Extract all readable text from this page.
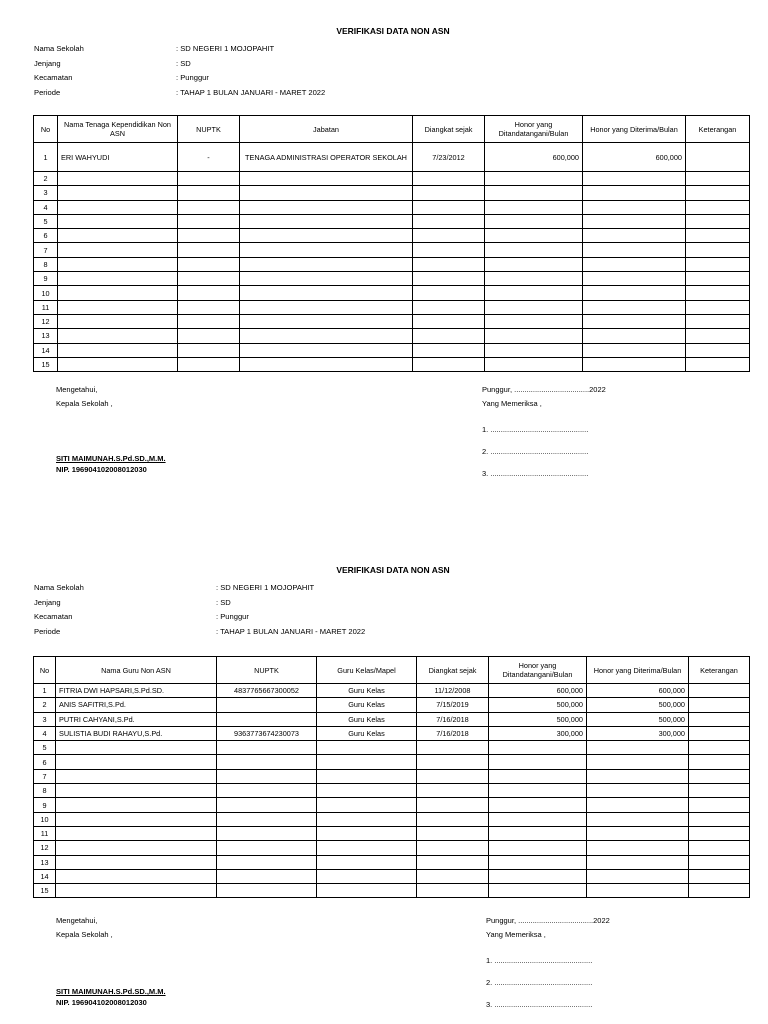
VERIFIKASI DATA NON ASN
Nama Sekolah	: SD NEGERI 1 MOJOPAHIT
Jenjang	: SD
Kecamatan	: Punggur
Periode	: TAHAP 1 BULAN JANUARI - MARET 2022
No	Nama Tenaga Kependidikan Non ASN	NUPTK	Jabatan	Diangkat sejak	Honor yang Ditandatangani/Bulan	Honor yang Diterima/Bulan	Keterangan
1	ERI WAHYUDI	-	TENAGA ADMINISTRASI OPERATOR SEKOLAH	7/23/2012	600,000	600,000	
2							
3							
4							
5							
6							
7							
8							
9							
10							
11							
12							
13							
14							
15							
Mengetahui,
Kepala Sekolah ,
SITI MAIMUNAH.S.Pd.SD.,M.M.
NIP. 196904102008012030
Punggur, ....................................2022
Yang Memeriksa ,
1. ...............................................
2. ...............................................
3. ...............................................
VERIFIKASI DATA NON ASN
Nama Sekolah	: SD NEGERI 1 MOJOPAHIT
Jenjang	: SD
Kecamatan	: Punggur
Periode	: TAHAP 1 BULAN JANUARI - MARET 2022
No	Nama Guru Non ASN	NUPTK	Guru Kelas/Mapel	Diangkat sejak	Honor yang Ditandatangani/Bulan	Honor yang Diterima/Bulan	Keterangan
1	FITRIA DWI HAPSARI,S.Pd.SD.	4837765667300052	Guru Kelas	11/12/2008	600,000	600,000	
2	ANIS SAFITRI,S.Pd.		Guru Kelas	7/15/2019	500,000	500,000	
3	PUTRI CAHYANI,S.Pd.		Guru Kelas	7/16/2018	500,000	500,000	
4	SULISTIA BUDI RAHAYU,S.Pd.	9363773674230073	Guru Kelas	7/16/2018	300,000	300,000	
5							
6							
7							
8							
9							
10							
11							
12							
13							
14							
15							
Mengetahui,
Kepala Sekolah ,
SITI MAIMUNAH.S.Pd.SD.,M.M.
NIP. 196904102008012030
Punggur, ....................................2022
Yang Memeriksa ,
1. ...............................................
2. ...............................................
3. ...............................................
